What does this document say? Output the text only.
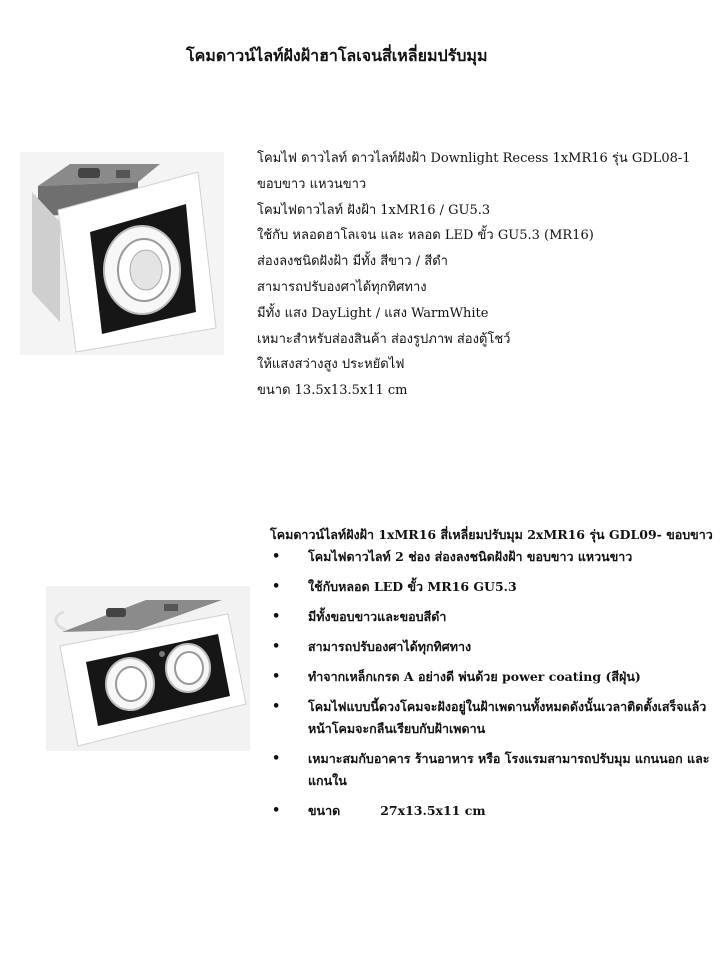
โคมดาวน์ไลท์ฝังฝ้าฮาโลเจนสี่เหลี่ยมปรับมุม
โคมไฟ ดาวไลท์ ดาวไลท์ฝังฝ้า Downlight Recess 1xMR16 รุ่น GDL08-1
ขอบขาว แหวนขาว
โคมไฟดาวไลท์ ฝังฝ้า 1xMR16 / GU5.3
ใช้กับ หลอดฮาโลเจน และ หลอด LED ขั้ว GU5.3 (MR16)
ส่องลงชนิดฝังฝ้า มีทั้ง สีขาว / สีดำ
สามารถปรับองศาได้ทุกทิศทาง
มีทั้ง แสง DayLight / แสง WarmWhite
เหมาะสำหรับส่องสินค้า ส่องรูปภาพ ส่องตู้โชว์
ให้แสงสว่างสูง ประหยัดไฟ
ขนาด 13.5x13.5x11 cm
โคมดาวน์ไลท์ฝังฝ้า 1xMR16 สี่เหลี่ยมปรับมุม 2xMR16 รุ่น GDL09- ขอบขาว
• โคมไฟดาวไลท์ 2 ช่อง ส่องลงชนิดฝังฝ้า ขอบขาว แหวนขาว
• ใช้กับหลอด LED ขั้ว MR16 GU5.3
• มีทั้งขอบขาวและขอบสีดำ
• สามารถปรับองศาได้ทุกทิศทาง
• ทำจากเหล็กเกรด A อย่างดี พ่นด้วย power coating (สีฝุ่น)
• โคมไฟแบบนี้ดวงโคมจะฝังอยู่ในฝ้าเพดานทั้งหมดดังนั้นเวลาติดตั้งเสร็จแล้ว หน้าโคมจะกลืนเรียบกับฝ้าเพดาน
• เหมาะสมกับอาคาร ร้านอาหาร หรือ โรงแรมสามารถปรับมุม แกนนอก และแกนใน
• ขนาด	27x13.5x11 cm
